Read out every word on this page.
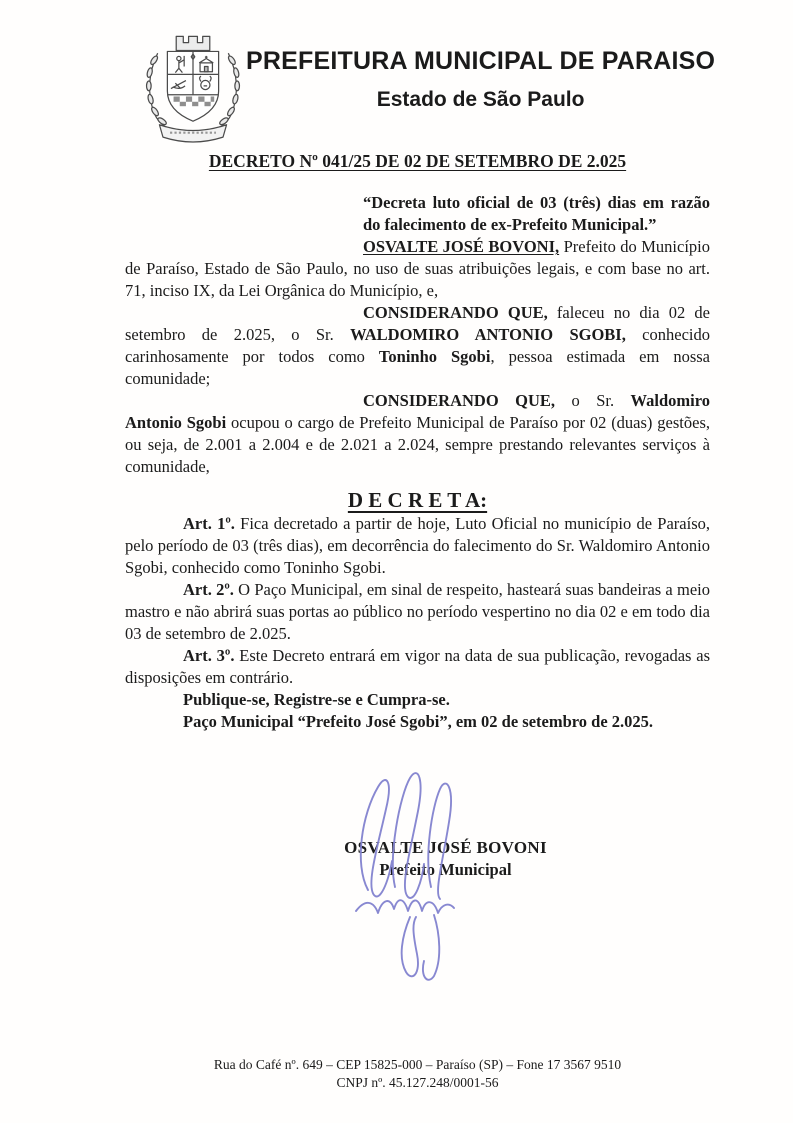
PREFEITURA MUNICIPAL DE PARAISO
Estado de São Paulo
DECRETO Nº 041/25 DE 02 DE SETEMBRO DE 2.025
“Decreta luto oficial de 03 (três) dias em razão do falecimento de ex-Prefeito Municipal.”

OSVALTE JOSÉ BOVONI, Prefeito do Município de Paraíso, Estado de São Paulo, no uso de suas atribuições legais, e com base no art. 71, inciso IX, da Lei Orgânica do Município, e,

CONSIDERANDO QUE, faleceu no dia 02 de setembro de 2.025, o Sr. WALDOMIRO ANTONIO SGOBI, conhecido carinhosamente por todos como Toninho Sgobi, pessoa estimada em nossa comunidade;

CONSIDERANDO QUE, o Sr. Waldomiro Antonio Sgobi ocupou o cargo de Prefeito Municipal de Paraíso por 02 (duas) gestões, ou seja, de 2.001 a 2.004 e de 2.021 a 2.024, sempre prestando relevantes serviços à comunidade,

D E C R E T A:

Art. 1º. Fica decretado a partir de hoje, Luto Oficial no município de Paraíso, pelo período de 03 (três dias), em decorrência do falecimento do Sr. Waldomiro Antonio Sgobi, conhecido como Toninho Sgobi.

Art. 2º. O Paço Municipal, em sinal de respeito, hasteará suas bandeiras a meio mastro e não abrirá suas portas ao público no período vespertino no dia 02 e em todo dia 03 de setembro de 2.025.

Art. 3º. Este Decreto entrará em vigor na data de sua publicação, revogadas as disposições em contrário.

Publique-se, Registre-se e Cumpra-se.

Paço Municipal “Prefeito José Sgobi”, em 02 de setembro de 2.025.

OSVALTE JOSÉ BOVONI
Prefeito Municipal
Rua do Café nº. 649 – CEP 15825-000 – Paraíso (SP) – Fone 17 3567 9510
CNPJ nº. 45.127.248/0001-56
